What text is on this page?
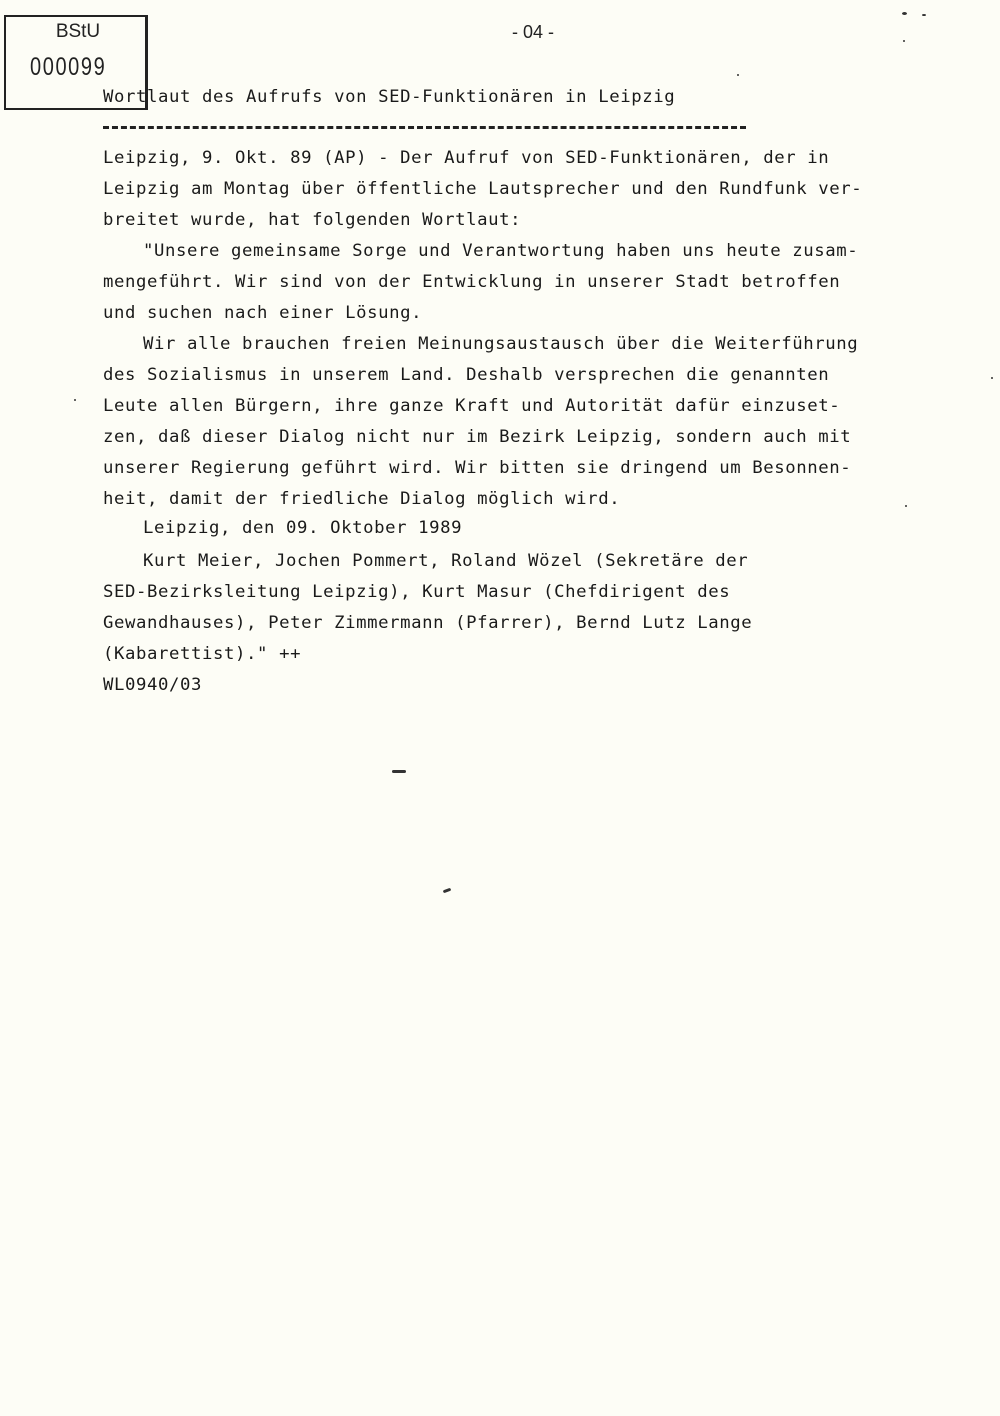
BStU
000099
- 04 -
Wortlaut des Aufrufs von SED-Funktionären in Leipzig
Leipzig, 9. Okt. 89 (AP) - Der Aufruf von SED-Funktionären, der in
Leipzig am Montag über öffentliche Lautsprecher und den Rundfunk ver-
breitet wurde, hat folgenden Wortlaut:
"Unsere gemeinsame Sorge und Verantwortung haben uns heute zusam-
mengeführt. Wir sind von der Entwicklung in unserer Stadt betroffen
und suchen nach einer Lösung.
Wir alle brauchen freien Meinungsaustausch über die Weiterführung
des Sozialismus in unserem Land. Deshalb versprechen die genannten
Leute allen Bürgern, ihre ganze Kraft und Autorität dafür einzuset-
zen, daß dieser Dialog nicht nur im Bezirk Leipzig, sondern auch mit
unserer Regierung geführt wird. Wir bitten sie dringend um Besonnen-
heit, damit der friedliche Dialog möglich wird.
Leipzig, den 09. Oktober 1989
Kurt Meier, Jochen Pommert, Roland Wözel (Sekretäre der
SED-Bezirksleitung Leipzig), Kurt Masur (Chefdirigent des
Gewandhauses), Peter Zimmermann (Pfarrer), Bernd Lutz Lange
(Kabarettist)." ++
WL0940/03
